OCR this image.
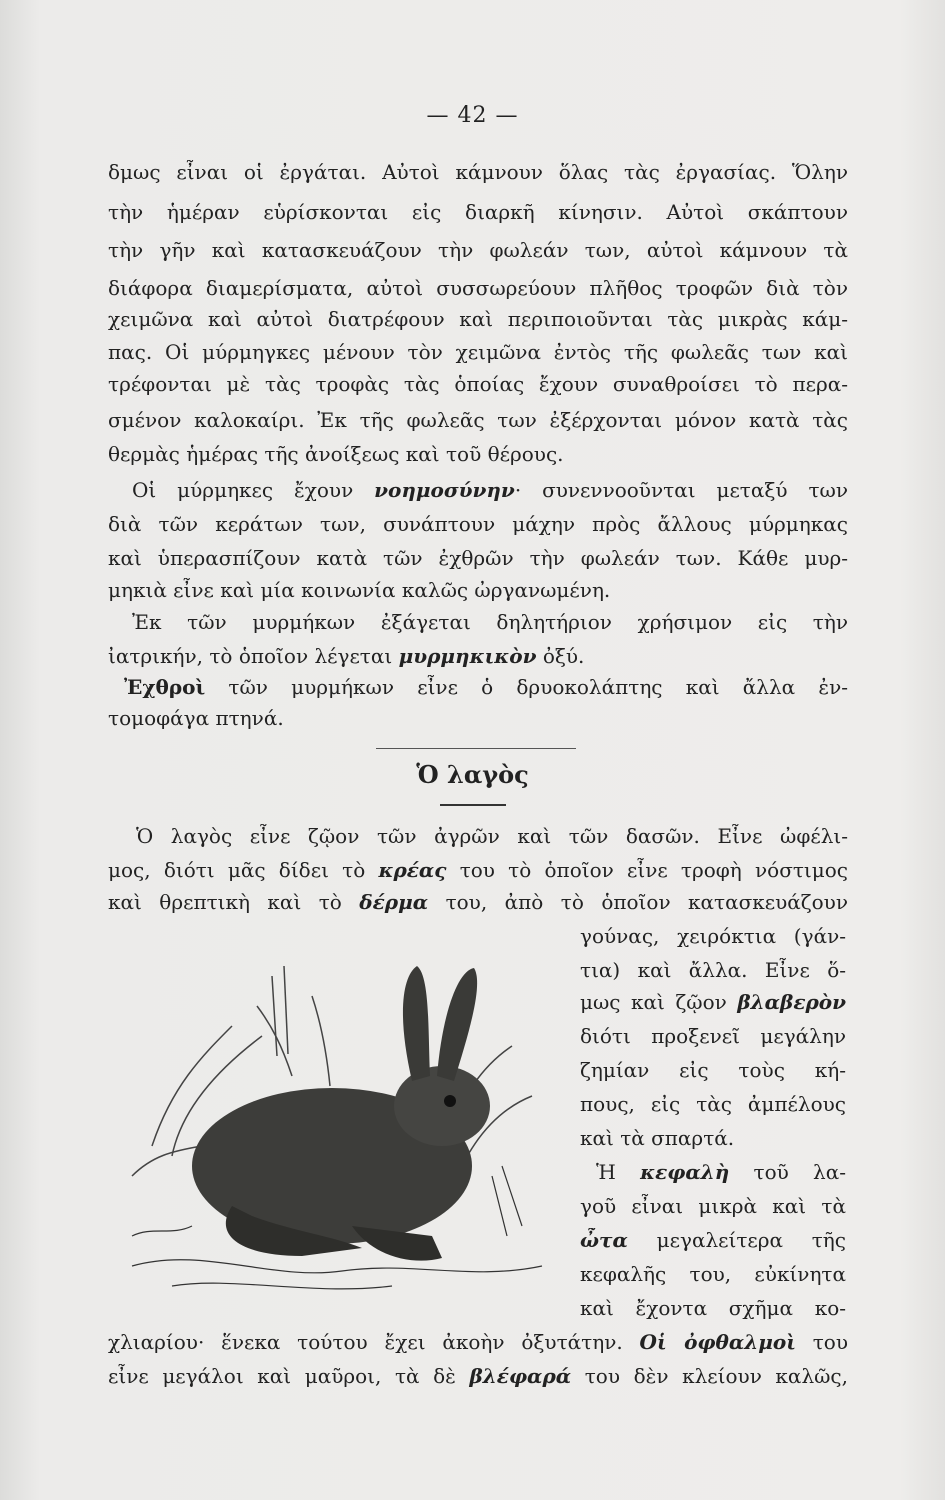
— 42 —
δμως εἶναι οἱ ἐργάται. Αὐτοὶ κάμνουν ὅλας τὰς ἐργασίας. Ὅλην
τὴν ἡμέραν εὑρίσκονται εἰς διαρκῆ κίνησιν. Αὐτοὶ σκάπτουν
τὴν γῆν καὶ κατασκευάζουν τὴν φωλεάν των, αὐτοὶ κάμνουν τὰ
διάφορα διαμερίσματα, αὐτοὶ συσσωρεύουν πλῆθος τροφῶν διὰ τὸν
χειμῶνα καὶ αὐτοὶ διατρέφουν καὶ περιποιοῦνται τὰς μικρὰς κάμ-
πας. Οἱ μύρμηγκες μένουν τὸν χειμῶνα ἐντὸς τῆς φωλεᾶς των καὶ
τρέφονται μὲ τὰς τροφὰς τὰς ὁποίας ἔχουν συναθροίσει τὸ περα-
σμένον καλοκαίρι. Ἐκ τῆς φωλεᾶς των ἐξέρχονται μόνον κατὰ τὰς
θερμὰς ἡμέρας τῆς ἀνοίξεως καὶ τοῦ θέρους.
Οἱ μύρμηκες ἔχουν νοημοσύνην· συνεννοοῦνται μεταξύ των
διὰ τῶν κεράτων των, συνάπτουν μάχην πρὸς ἄλλους μύρμηκας
καὶ ὑπερασπίζουν κατὰ τῶν ἐχθρῶν τὴν φωλεάν των. Κάθε μυρ-
μηκιὰ εἶνε καὶ μία κοινωνία καλῶς ὠργανωμένη.
Ἐκ τῶν μυρμήκων ἐξάγεται δηλητήριον χρήσιμον εἰς τὴν
ἰατρικήν, τὸ ὁποῖον λέγεται μυρμηκικὸν ὀξύ.
Ἐχθροὶ τῶν μυρμήκων εἶνε ὁ δρυοκολάπτης καὶ ἄλλα ἐν-
τομοφάγα πτηνά.
Ὁ λαγὸς
Ὁ λαγὸς εἶνε ζῷον τῶν ἀγρῶν καὶ τῶν δασῶν. Εἶνε ὠφέλι-
μος, διότι μᾶς δίδει τὸ κρέας του τὸ ὁποῖον εἶνε τροφὴ νόστιμος
καὶ θρεπτικὴ καὶ τὸ δέρμα του, ἀπὸ τὸ ὁποῖον κατασκευάζουν
γούνας, χειρόκτια (γάν-
τια) καὶ ἄλλα. Εἶνε ὅ-
μως καὶ ζῷον βλαβερὸν
διότι προξενεῖ μεγάλην
ζημίαν εἰς τοὺς κή-
πους, εἰς τὰς ἀμπέλους
καὶ τὰ σπαρτά.
Ἡ κεφαλὴ τοῦ λα-
γοῦ εἶναι μικρὰ καὶ τὰ
ὦτα μεγαλείτερα τῆς
κεφαλῆς του, εὐκίνητα
καὶ ἔχοντα σχῆμα κο-
χλιαρίου· ἕνεκα τούτου ἔχει ἀκοὴν ὀξυτάτην. Οἱ ὀφθαλμοὶ του
εἶνε μεγάλοι καὶ μαῦροι, τὰ δὲ βλέφαρά του δὲν κλείουν καλῶς,
